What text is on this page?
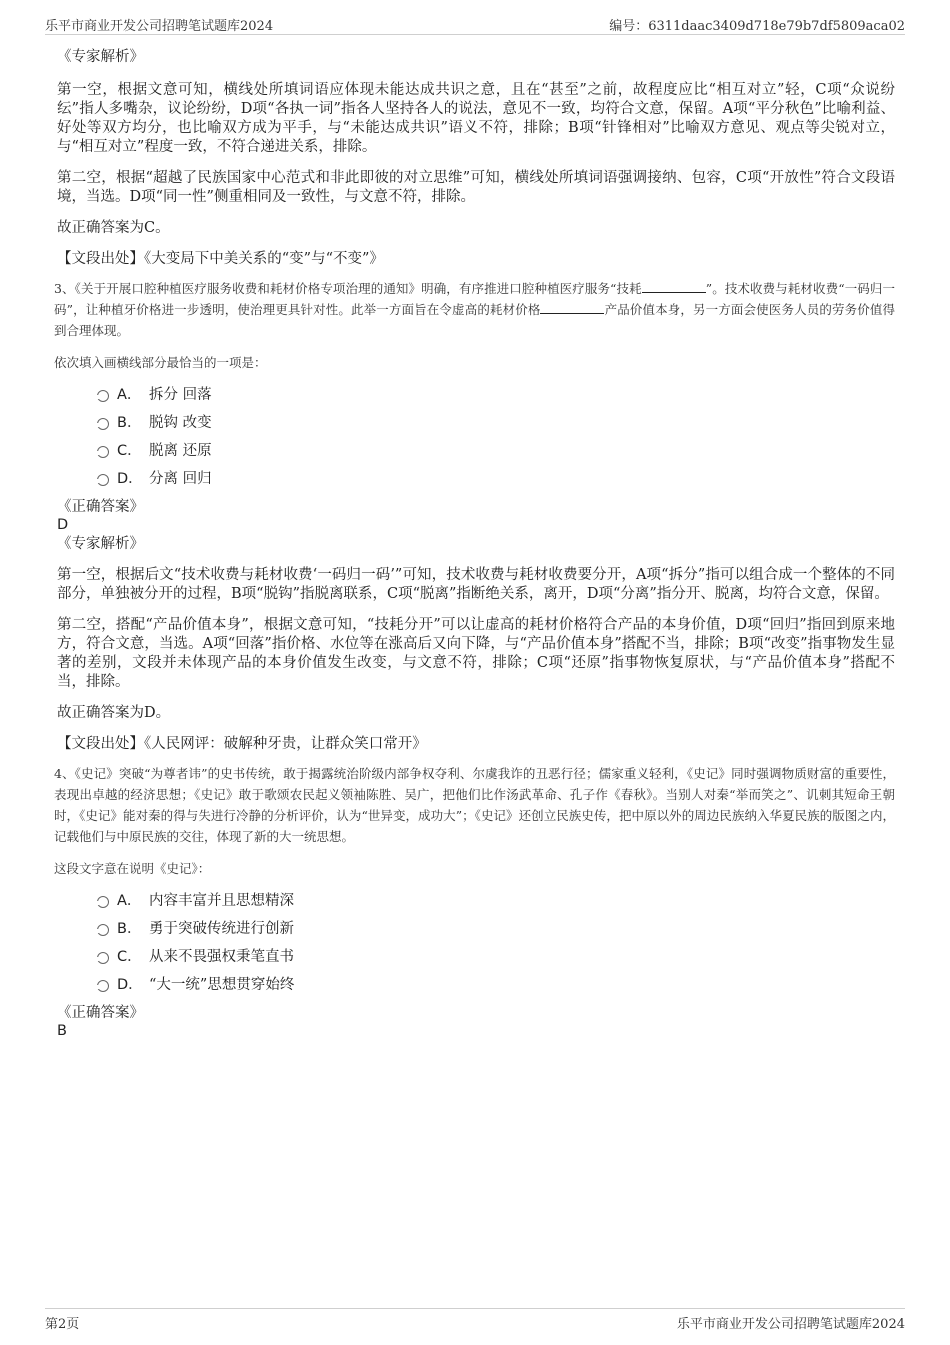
乐平市商业开发公司招聘笔试题库2024	编号：6311daac3409d718e79b7df5809aca02

《专家解析》

第一空，根据文意可知，横线处所填词语应体现未能达成共识之意，且在“甚至”之前，故程度应比“相互对立”轻，C项“众说纷纭”指人多嘴杂，议论纷纷，D项“各执一词”指各人坚持各人的说法，意见不一致，均符合文意，保留。A项“平分秋色”比喻利益、好处等双方均分，也比喻双方成为平手，与“未能达成共识”语义不符，排除；B项“针锋相对”比喻双方意见、观点等尖锐对立，与“相互对立”程度一致，不符合递进关系，排除。

第二空，根据“超越了民族国家中心范式和非此即彼的对立思维”可知，横线处所填词语强调接纳、包容，C项“开放性”符合文段语境，当选。D项“同一性”侧重相同及一致性，与文意不符，排除。

故正确答案为C。

【文段出处】《大变局下中美关系的“变”与“不变”》

3、《关于开展口腔种植医疗服务收费和耗材价格专项治理的通知》明确，有序推进口腔种植医疗服务“技耗	”。技术收费与耗材收费“一码归一码”，让种植牙价格进一步透明，使治理更具针对性。此举一方面旨在令虚高的耗材价格	产品价值本身，另一方面会使医务人员的劳务价值得到合理体现。

依次填入画横线部分最恰当的一项是：

A． 拆分 回落
B． 脱钩 改变
C． 脱离 还原
D． 分离 回归

《正确答案》

D

《专家解析》

第一空，根据后文“技术收费与耗材收费‘一码归一码’”可知，技术收费与耗材收费要分开，A项“拆分”指可以组合成一个整体的不同部分，单独被分开的过程，B项“脱钩”指脱离联系，C项“脱离”指断绝关系，离开，D项“分离”指分开、脱离，均符合文意，保留。

第二空，搭配“产品价值本身”，根据文意可知，“技耗分开”可以让虚高的耗材价格符合产品的本身价值，D项“回归”指回到原来地方，符合文意，当选。A项“回落”指价格、水位等在涨高后又向下降，与“产品价值本身”搭配不当，排除；B项“改变”指事物发生显著的差别，文段并未体现产品的本身价值发生改变，与文意不符，排除；C项“还原”指事物恢复原状，与“产品价值本身”搭配不当，排除。

故正确答案为D。

【文段出处】《人民网评：破解种牙贵，让群众笑口常开》

4、《史记》突破“为尊者讳”的史书传统，敢于揭露统治阶级内部争权夺利、尔虞我诈的丑恶行径；儒家重义轻利，《史记》同时强调物质财富的重要性，表现出卓越的经济思想；《史记》敢于歌颂农民起义领袖陈胜、吴广，把他们比作汤武革命、孔子作《春秋》。当别人对秦“举而笑之”、讥刺其短命王朝时，《史记》能对秦的得与失进行冷静的分析评价，认为“世异变，成功大”；《史记》还创立民族史传，把中原以外的周边民族纳入华夏民族的版图之内，记载他们与中原民族的交往，体现了新的大一统思想。

这段文字意在说明《史记》：

A． 内容丰富并且思想精深
B． 勇于突破传统进行创新
C． 从来不畏强权秉笔直书
D． “大一统”思想贯穿始终

《正确答案》

B

第2页	乐平市商业开发公司招聘笔试题库2024
